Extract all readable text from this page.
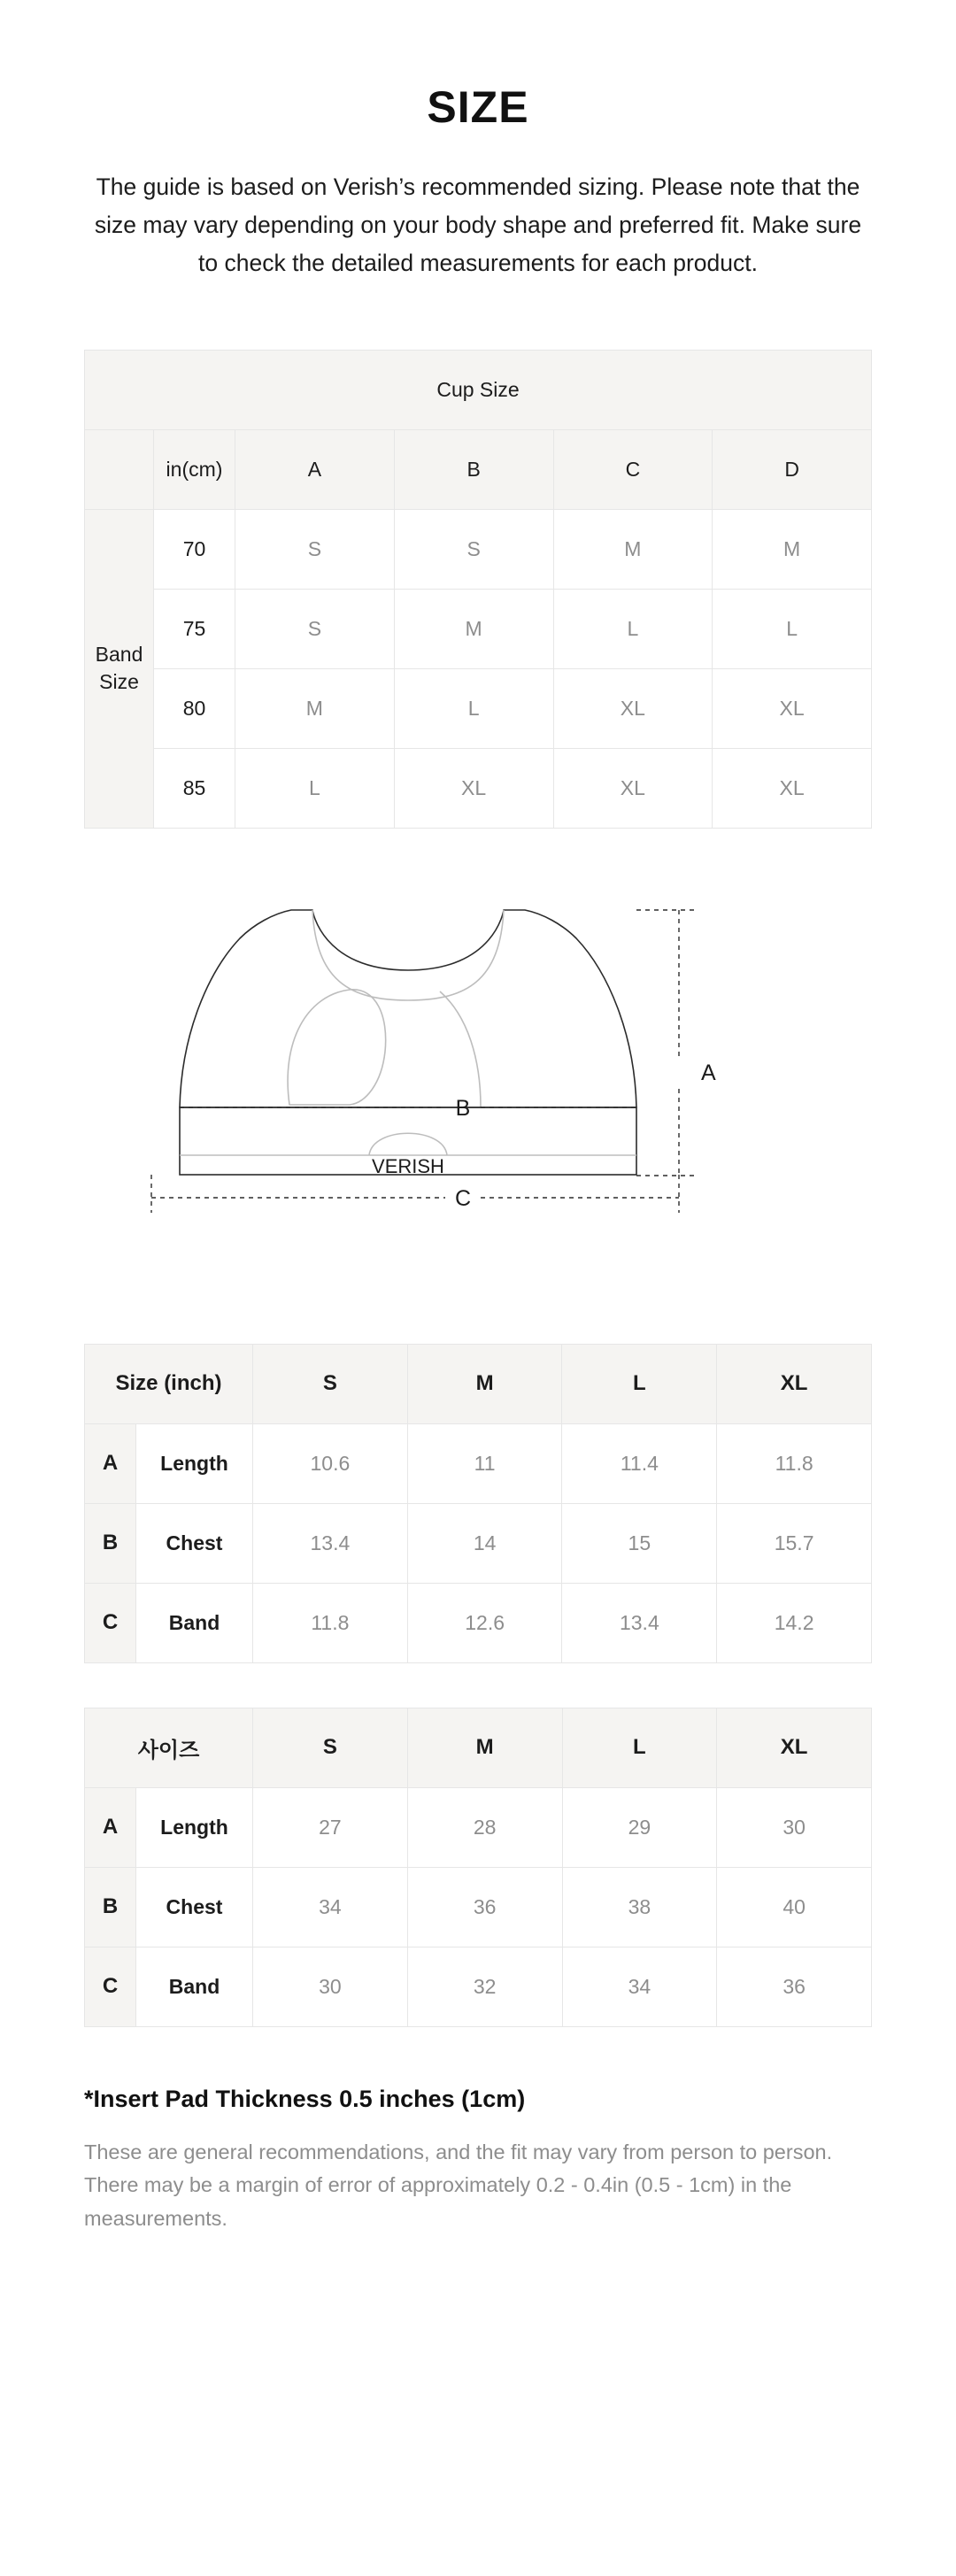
SIZE

The guide is based on Verish’s recommended sizing. Please note that the size may vary depending on your body shape and preferred fit. Make sure to check the detailed measurements for each product.

Cup Size					
	in(cm)	A	B	C	D
Band
Size	70	S	S	M	M
	75	S	M	L	L
	80	M	L	XL	XL
	85	L	XL	XL	XL
VERISH
A
B
C
Size (inch)		S	M	L	XL
A	Length	10.6	11	11.4	11.8
B	Chest	13.4	14	15	15.7
C	Band	11.8	12.6	13.4	14.2
사이즈		S	M	L	XL
A	Length	27	28	29	30
B	Chest	34	36	38	40
C	Band	30	32	34	36

*Insert Pad Thickness 0.5 inches (1cm)

These are general recommendations, and the fit may vary from person to person. There may be a margin of error of approximately 0.2 - 0.4in (0.5 - 1cm) in the measurements.
